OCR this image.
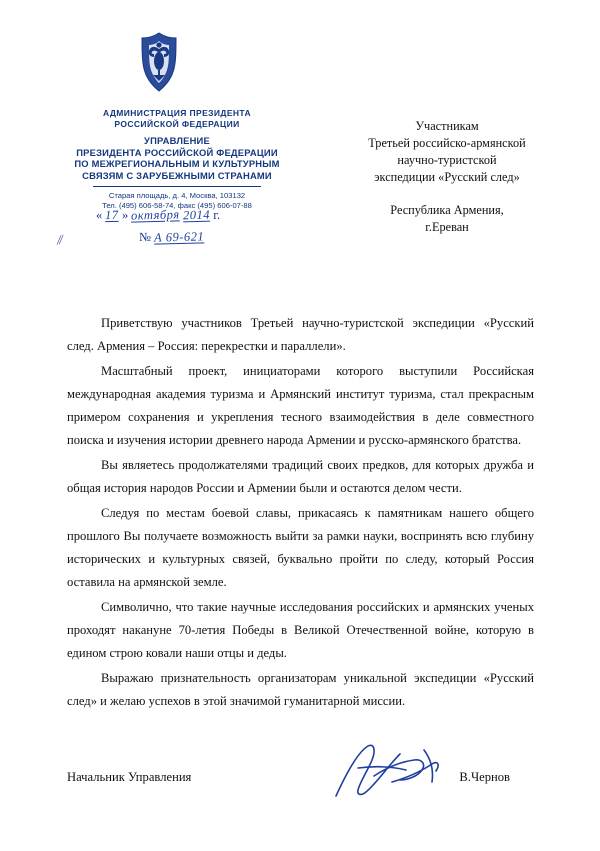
АДМИНИСТРАЦИЯ ПРЕЗИДЕНТА
РОССИЙСКОЙ ФЕДЕРАЦИИ
УПРАВЛЕНИЕ
ПРЕЗИДЕНТА РОССИЙСКОЙ ФЕДЕРАЦИИ
ПО МЕЖРЕГИОНАЛЬНЫМ И КУЛЬТУРНЫМ
СВЯЗЯМ С ЗАРУБЕЖНЫМИ СТРАНАМИ
Старая площадь, д. 4, Москва, 103132
Тел. (495) 606-58-74, факс (495) 606-07-88
« 17 » октября 2014 г.
⁄⁄	№ А 69-621
Участникам
Третьей российско-армянской
научно-туристской
экспедиции «Русский след»
Республика Армения,
г.Ереван

Приветствую участников Третьей научно-туристской экспедиции «Русский след. Армения – Россия: перекрестки и параллели».

Масштабный проект, инициаторами которого выступили Российская международная академия туризма и Армянский институт туризма, стал прекрасным примером сохранения и укрепления тесного взаимодействия в деле совместного поиска и изучения истории древнего народа Армении и русско-армянского братства.

Вы являетесь продолжателями традиций своих предков, для которых дружба и общая история народов России и Армении были и остаются делом чести.

Следуя по местам боевой славы, прикасаясь к памятникам нашего общего прошлого Вы получаете возможность выйти за рамки науки, воспринять всю глубину исторических и культурных связей, буквально пройти по следу, который Россия оставила на армянской земле.

Символично, что такие научные исследования российских и армянских ученых проходят накануне 70-летия Победы в Великой Отечественной войне, которую в едином строю ковали наши отцы и деды.

Выражаю признательность организаторам уникальной экспедиции «Русский след» и желаю успехов в этой значимой гуманитарной миссии.

Начальник Управления	В.Чернов
